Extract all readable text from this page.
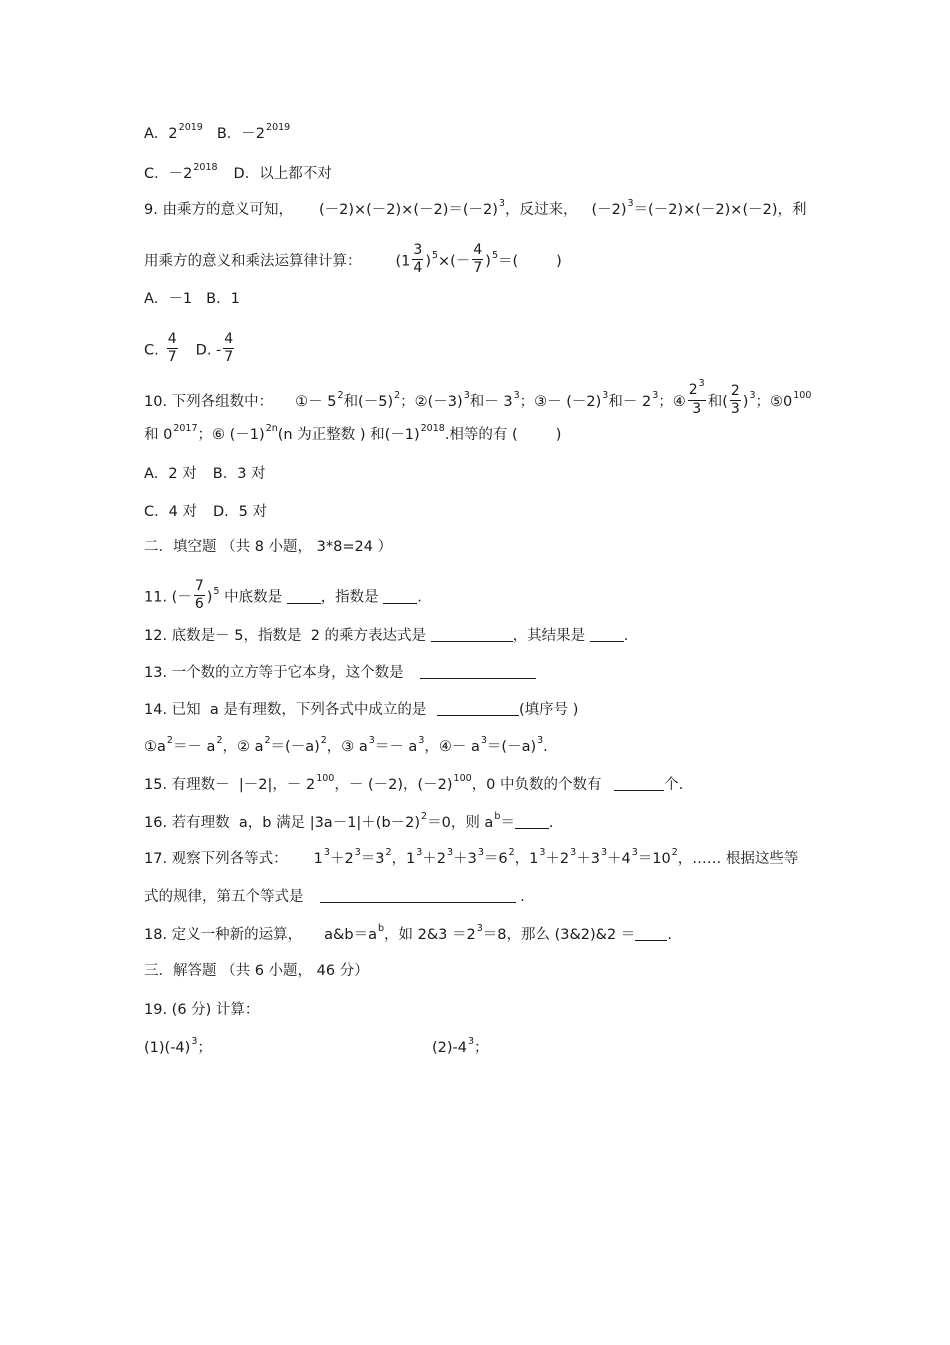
A．$2^{2019}$ B．$-2^{2019}$
C．$-2^{2018}$ D．以上都不对
9. 由乘方的意义可知， $(-2)\times(-2)\times(-2)=(-2)^3$，反过来， $(-2)^3=(-2)\times(-2)\times(-2)$，利
用乘方的意义和乘法运算律计算： $(1 \frac{3}{4} )^5\times(- \frac{4}{7} )^5=$(	)
A．－1 B．1
C. $\frac{4}{7} D$. - $\frac{4}{7}$
10. 下列各组数中： ①－ $5^2$和$(-5)^2$；$②(-3)^3$和－ $3^3$；③－ $(-2)^3$和－ $2^3$；④ $\frac{2^3}{3}$ 和( $\frac{2}{3} )^3$；$⑤0^{100}$
和 $0^{2017}$；⑥ $(-1)^{2n}(n$ 为正整数 ) 和$(-1)^{2018}$.相等的有 (	)
A．2 对 B．3 对
C．4 对 D．5 对
二．填空题 （共 8 小题， 3*8=24 ）
11. (－ $\frac{7}{6} )^5$ 中底数是 ，指数是 .
12. 底数是－ 5，指数是  2 的乘方表达式是	，其结果是 .
13. 一个数的立方等于它本身，这个数是
14. 已知  a 是有理数，下列各式中成立的是	(填序号 )
$①a^2=- a^2$，② $a^2=(-a)^2$，③ $a^3=- a^3$，④－ $a^3=(-a)^3$.
15. 有理数－  |－2|，－ $2^{100}$，－ (－2)，$(-2)^{100}$，0 中负数的个数有	个.
16. 若有理数  a，b 满足 $|3a-1|+(b-2)^2=0$，则 $a^b=$ .
17. 观察下列各等式： $1^3+2^3=3^2$，$1^3+2^3+3^3=6^2$，$1^3+2^3+3^3+4^3=10^2$，…… 根据这些等
式的规律，第五个等式是	.
18. 定义一种新的运算， $a\&b=a^b$，如 2&3 $=2^3=8$，那么 (3&2)&2 ＝ .
三．解答题 （共 6 小题， 46 分）
19. (6 分) 计算：
$(1)(-4)^3$；	$(2)-4^3$；
